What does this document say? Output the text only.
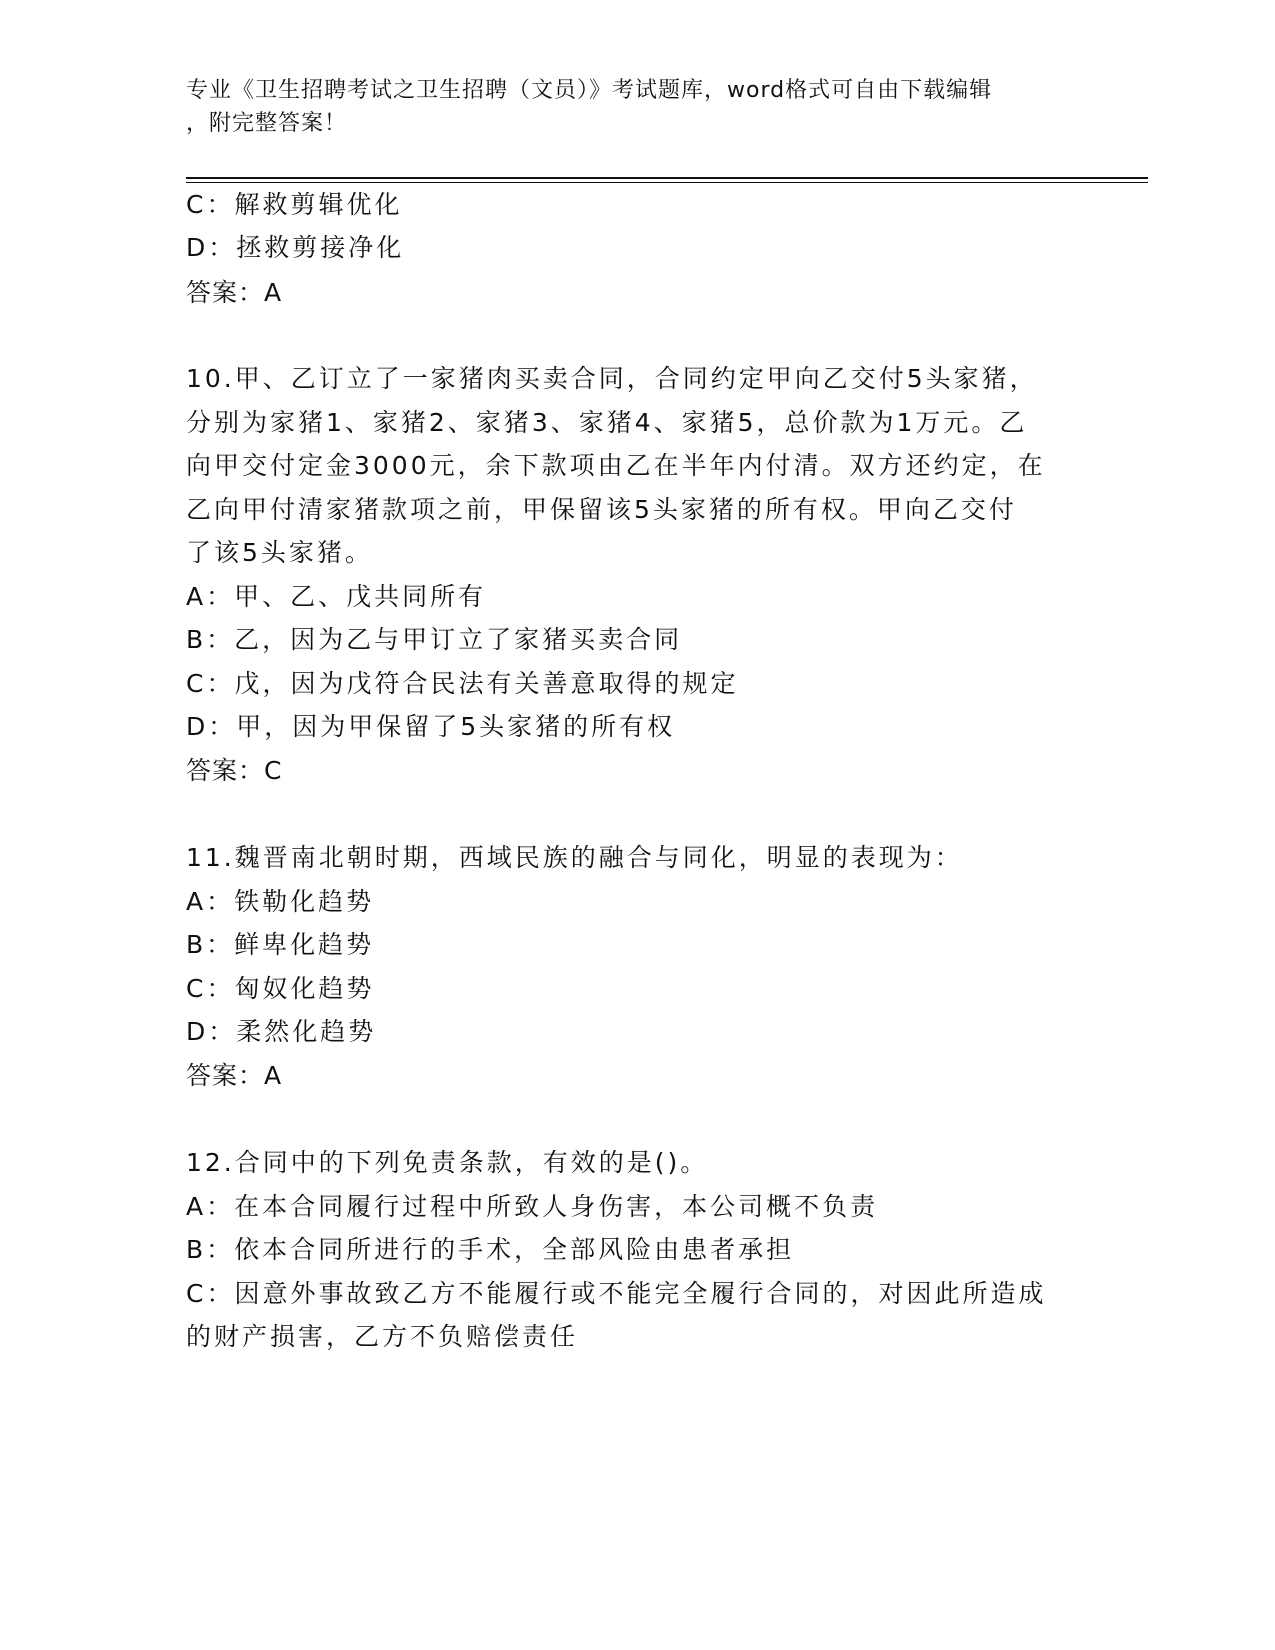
专业《卫生招聘考试之卫生招聘（文员）》考试题库，word格式可自由下载编辑
，附完整答案！
C：解救剪辑优化
D：拯救剪接净化
答案：A
10.甲、乙订立了一家猪肉买卖合同，合同约定甲向乙交付5头家猪，
分别为家猪1、家猪2、家猪3、家猪4、家猪5，总价款为1万元。乙
向甲交付定金3000元，余下款项由乙在半年内付清。双方还约定，在
乙向甲付清家猪款项之前，甲保留该5头家猪的所有权。甲向乙交付
了该5头家猪。
A：甲、乙、戊共同所有
B：乙，因为乙与甲订立了家猪买卖合同
C：戊，因为戊符合民法有关善意取得的规定
D：甲，因为甲保留了5头家猪的所有权
答案：C
11.魏晋南北朝时期，西域民族的融合与同化，明显的表现为：
A：铁勒化趋势
B：鲜卑化趋势
C：匈奴化趋势
D：柔然化趋势
答案：A
12.合同中的下列免责条款，有效的是()。
A：在本合同履行过程中所致人身伤害，本公司概不负责
B：依本合同所进行的手术，全部风险由患者承担
C：因意外事故致乙方不能履行或不能完全履行合同的，对因此所造成
的财产损害，乙方不负赔偿责任
